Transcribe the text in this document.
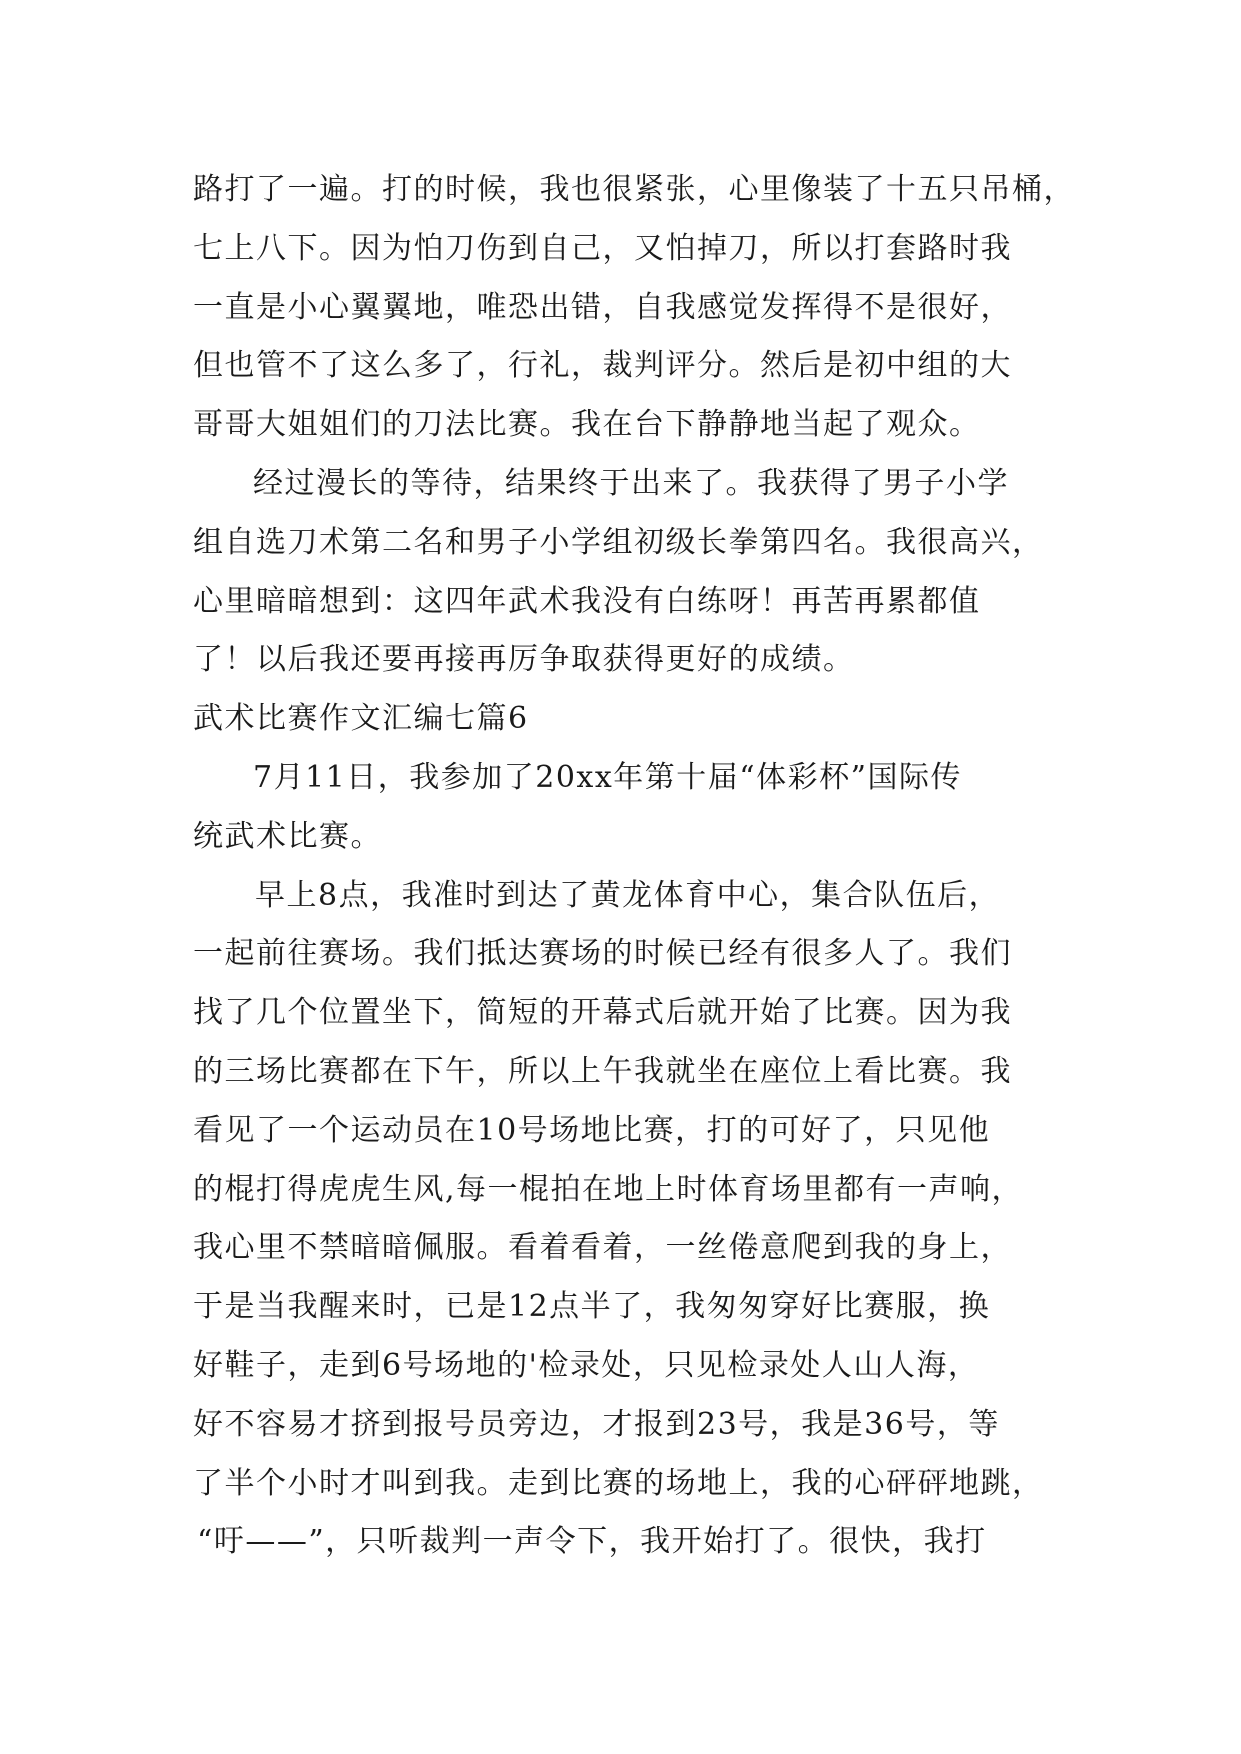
路打了一遍。打的时候，我也很紧张，心里像装了十五只吊桶，
七上八下。因为怕刀伤到自己，又怕掉刀，所以打套路时我
一直是小心翼翼地，唯恐出错，自我感觉发挥得不是很好，
但也管不了这么多了，行礼，裁判评分。然后是初中组的大
哥哥大姐姐们的刀法比赛。我在台下静静地当起了观众。
经过漫长的等待，结果终于出来了。我获得了男子小学
组自选刀术第二名和男子小学组初级长拳第四名。我很高兴，
心里暗暗想到：这四年武术我没有白练呀！再苦再累都值
了！以后我还要再接再厉争取获得更好的成绩。
武术比赛作文汇编七篇6
7月11日，我参加了20xx年第十届“体彩杯”国际传
统武术比赛。
早上8点，我准时到达了黄龙体育中心，集合队伍后，
一起前往赛场。我们抵达赛场的时候已经有很多人了。我们
找了几个位置坐下，简短的开幕式后就开始了比赛。因为我
的三场比赛都在下午，所以上午我就坐在座位上看比赛。我
看见了一个运动员在10号场地比赛，打的可好了，只见他
的棍打得虎虎生风,每一棍拍在地上时体育场里都有一声响，
我心里不禁暗暗佩服。看着看着，一丝倦意爬到我的身上，
于是当我醒来时，已是12点半了，我匆匆穿好比赛服，换
好鞋子，走到6号场地的'检录处，只见检录处人山人海，
好不容易才挤到报号员旁边，才报到23号，我是36号，等
了半个小时才叫到我。走到比赛的场地上，我的心砰砰地跳，
“吁——”，只听裁判一声令下，我开始打了。很快，我打
